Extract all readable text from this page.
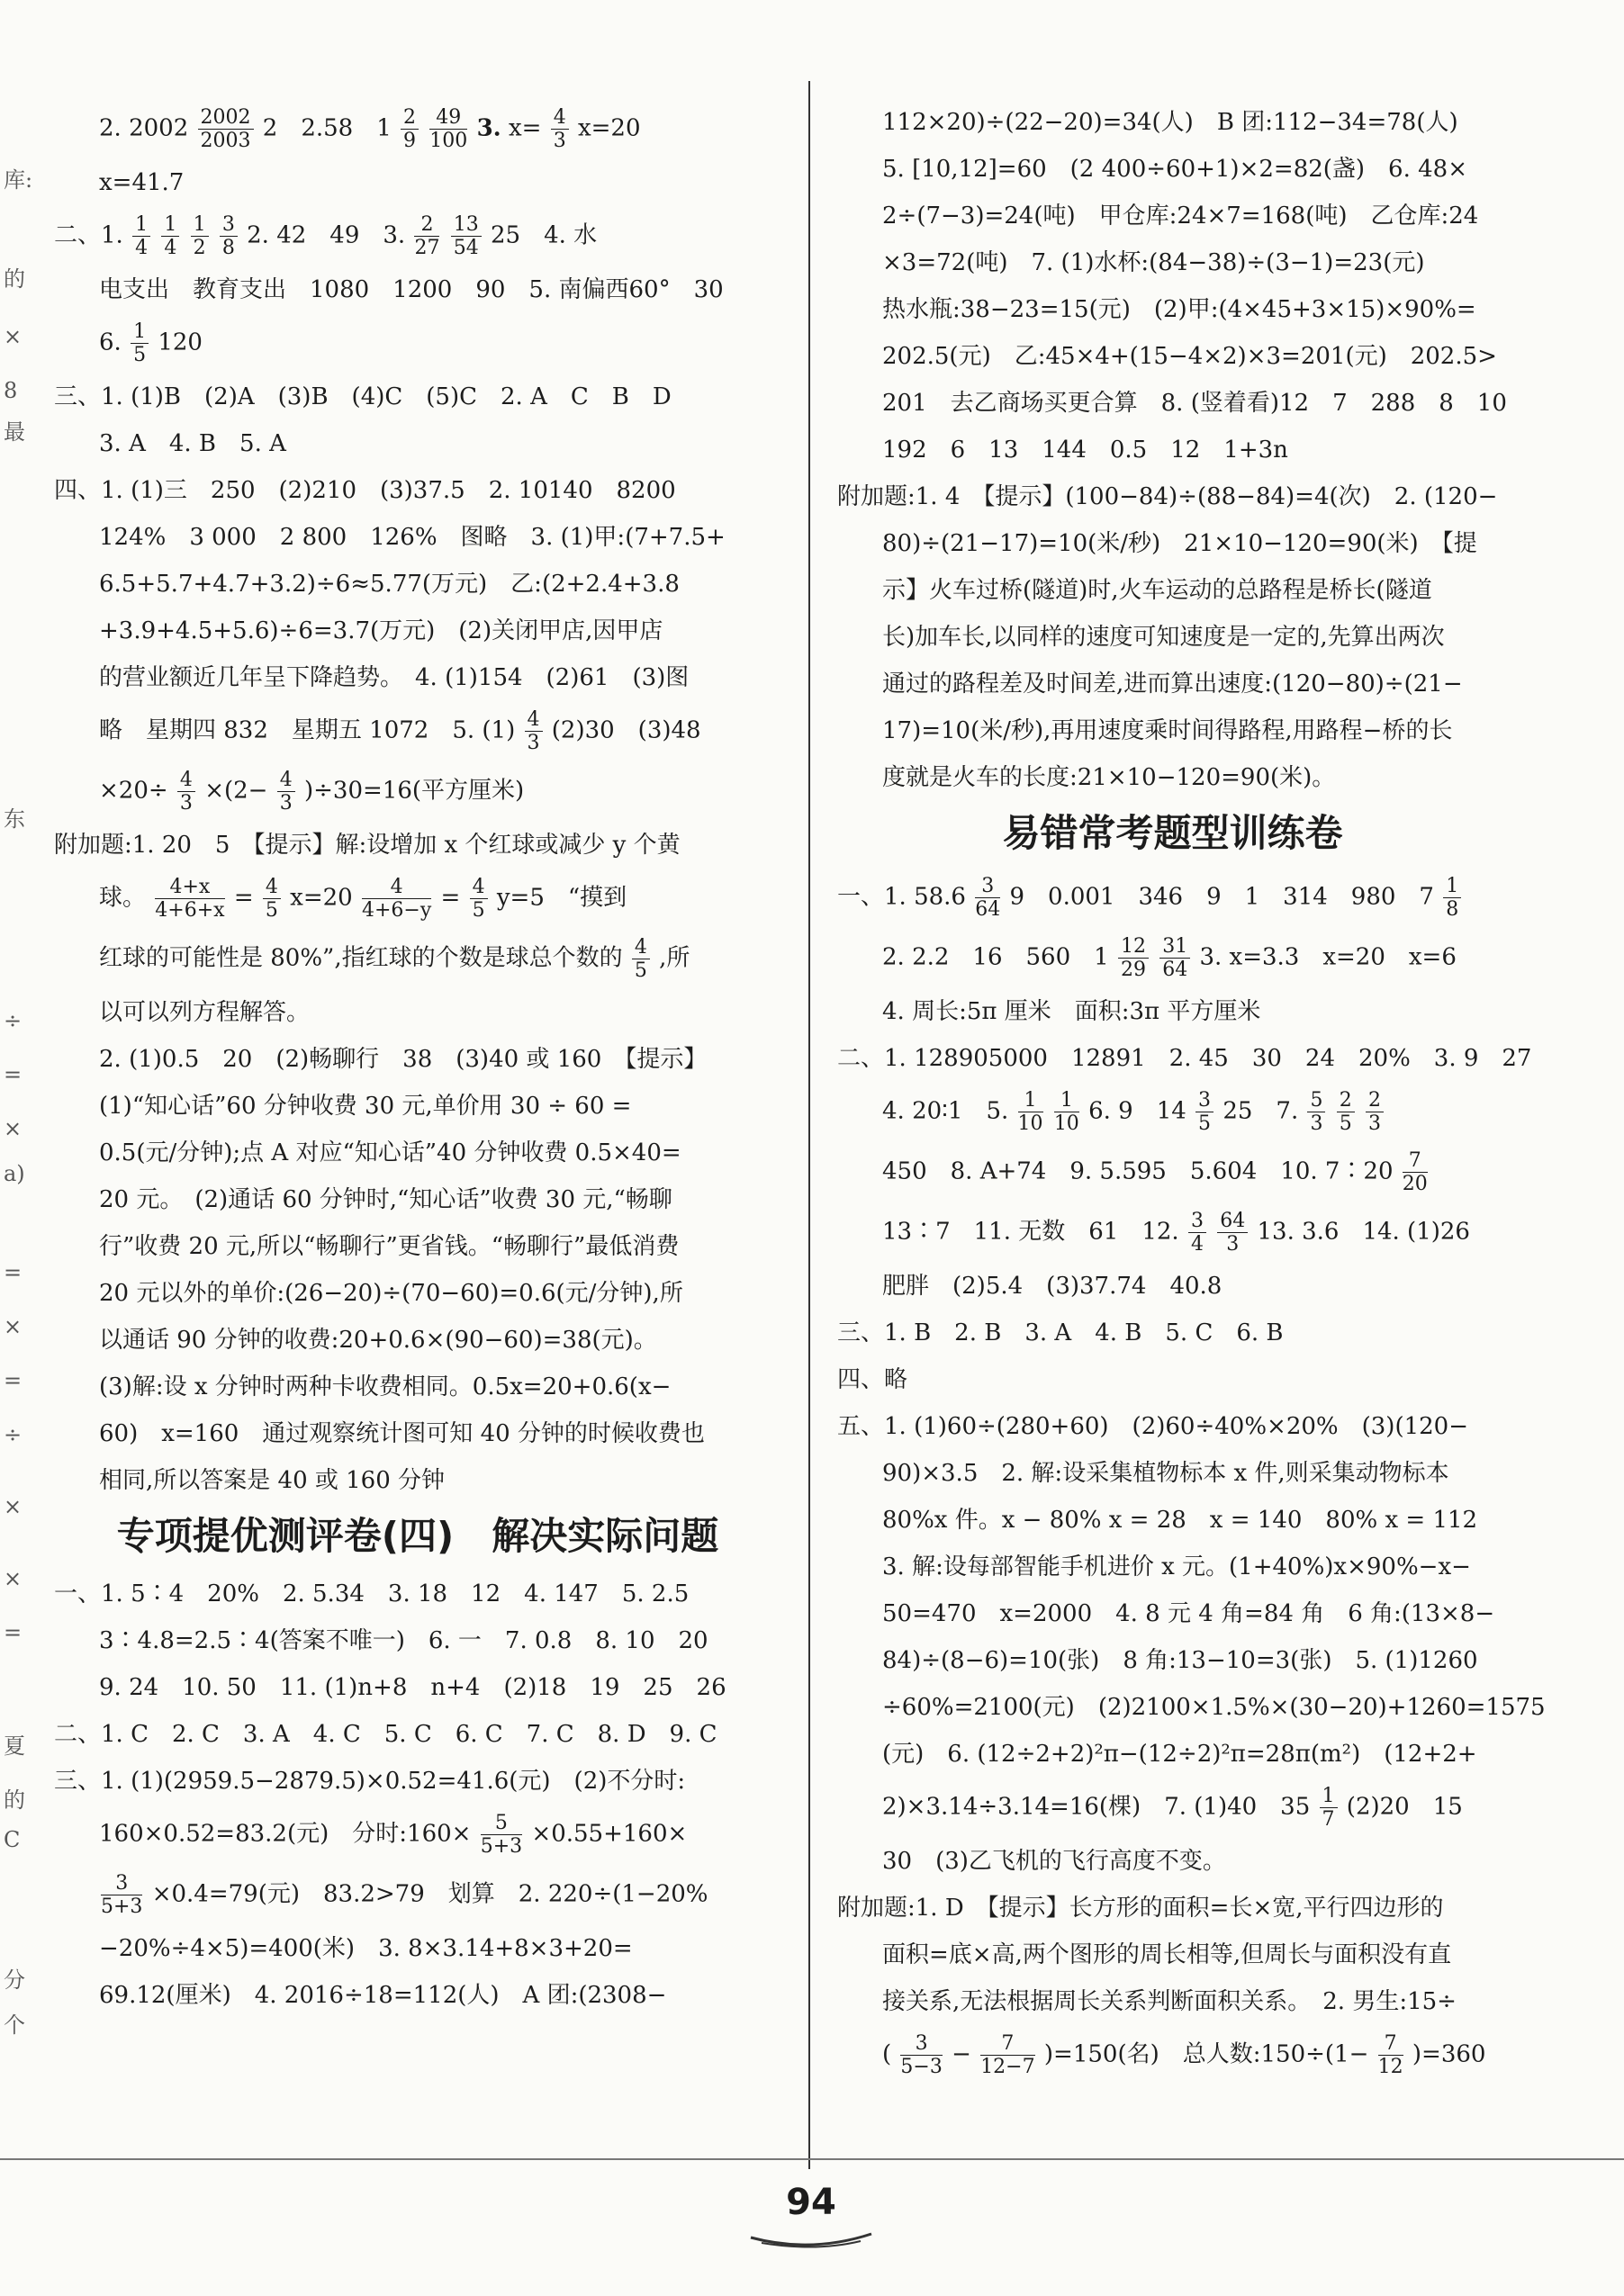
库:
的
×
8
最
东
÷
=
×
a)
=
×
=
÷
×
×
=
夏
的
C
分
个

2. $2002 \frac{2002}{2003} 2$　2.58　$1 \frac{2}{9}$
$\frac{49}{100} 3$. $x= \frac{4}{3} x=20$

x=41.7

二、1. $\frac{1}{4}$
$\frac{1}{4}$
$\frac{1}{2}$
$\frac{3}{8} 2$. 42　49　3. $\frac{2}{27}$
$\frac{13}{54} 25$　4. 水

电支出　教育支出　1080　1200　90　5. 南偏西60°　30

6. $\frac{1}{5} 120$

三、1. (1)B　(2)A　(3)B　(4)C　(5)C　2. A　C　B　D

3. A　4. B　5. A

四、1. (1)三　250　(2)210　(3)37.5　2. 10140　8200

124%　3 000　2 800　126%　图略　3. (1)甲:(7+7.5+

6.5+5.7+4.7+3.2)÷6≈5.77(万元)　乙:(2+2.4+3.8

+3.9+4.5+5.6)÷6=3.7(万元)　(2)关闭甲店,因甲店

的营业额近几年呈下降趋势。　4. (1)154　(2)61　(3)图

略　星期四 832　星期五 1072　5. $(1) \frac{4}{3} (2)30$　(3)48

$\times 20\div \frac{4}{3} \times(2- \frac{4}{3} )\div 30=16$(平方厘米)

附加题:1. 20　5　【提示】解:设增加 x 个红球或减少 y 个黄

球。 $\frac{4+x}{4+6+x} = \frac{4}{5} x=20 \frac{4}{4+6-y} = \frac{4}{5} y=5$　“摸到

红球的可能性是 80%”,指红球的个数是球总个数的 $\frac{4}{5}$ ,所

以可以列方程解答。

2. (1)0.5　20　(2)畅聊行　38　(3)40 或 160　【提示】

(1)“知心话”60 分钟收费 30 元,单价用 30 ÷ 60 =

0.5(元/分钟);点 A 对应“知心话”40 分钟收费 0.5×40=

20 元。　(2)通话 60 分钟时,“知心话”收费 30 元,“畅聊

行”收费 20 元,所以“畅聊行”更省钱。“畅聊行”最低消费

20 元以外的单价:(26−20)÷(70−60)=0.6(元/分钟),所

以通话 90 分钟的收费:20+0.6×(90−60)=38(元)。

(3)解:设 x 分钟时两种卡收费相同。0.5x=20+0.6(x−

60)　x=160　通过观察统计图可知 40 分钟的时候收费也

相同,所以答案是 40 或 160 分钟

专项提优测评卷(四)　解决实际问题

一、1. 5∶4　20%　2. 5.34　3. 18　12　4. 147　5. 2.5

3∶4.8=2.5∶4(答案不唯一)　6. 一　7. 0.8　8. 10　20

9. 24　10. 50　11. (1)n+8　n+4　(2)18　19　25　26

二、1. C　2. C　3. A　4. C　5. C　6. C　7. C　8. D　9. C

三、1. (1)(2959.5−2879.5)×0.52=41.6(元)　(2)不分时:

160×0.52=83.2(元)　分时:160× $\frac{5}{5+3} \times 0.55+160\times$

$\frac{3}{5+3} \times 0.4=79$(元)　83.2>79　划算　2. 220÷(1−20%

−20%÷4×5)=400(米)　3. 8×3.14+8×3+20=

69.12(厘米)　4. 2016÷18=112(人)　A 团:(2308−

112×20)÷(22−20)=34(人)　B 团:112−34=78(人)

5. [10,12]=60　(2 400÷60+1)×2=82(盏)　6. 48×

2÷(7−3)=24(吨)　甲仓库:24×7=168(吨)　乙仓库:24

×3=72(吨)　7. (1)水杯:(84−38)÷(3−1)=23(元)

热水瓶:38−23=15(元)　(2)甲:(4×45+3×15)×90%=

202.5(元)　乙:45×4+(15−4×2)×3=201(元)　202.5>

201　去乙商场买更合算　8. (竖着看)12　7　288　8　10

192　6　13　144　0.5　12　1+3n

附加题:1. 4　【提示】(100−84)÷(88−84)=4(次)　2. (120−

80)÷(21−17)=10(米/秒)　21×10−120=90(米)　【提

示】火车过桥(隧道)时,火车运动的总路程是桥长(隧道

长)加车长,以同样的速度可知速度是一定的,先算出两次

通过的路程差及时间差,进而算出速度:(120−80)÷(21−

17)=10(米/秒),再用速度乘时间得路程,用路程−桥的长

度就是火车的长度:21×10−120=90(米)。

易错常考题型训练卷

一、1. $58.6 \frac{3}{64} 9$　0.001　346　9　1　314　980　$7 \frac{1}{8}$

2. 2.2　16　560　$1 \frac{12}{29}$
$\frac{31}{64} 3$. x=3.3　x=20　x=6

4. 周长:5π 厘米　面积:3π 平方厘米

二、1. 128905000　12891　2. 45　30　24　20%　3. 9　27

4. 20∶1　5. $\frac{1}{10}$
$\frac{1}{10} 6$. 9　$14 \frac{3}{5} 25$　7. $\frac{5}{3}$
$\frac{2}{5}$
$\frac{2}{3}$

450　8. A+74　9. 5.595　5.604　10. 7∶20 $\frac{7}{20}$

13∶7　11. 无数　61　12. $\frac{3}{4}$
$\frac{64}{3} 13$. 3.6　14. (1)26

肥胖　(2)5.4　(3)37.74　40.8

三、1. B　2. B　3. A　4. B　5. C　6. B

四、略

五、1. (1)60÷(280+60)　(2)60÷40%×20%　(3)(120−

90)×3.5　2. 解:设采集植物标本 x 件,则采集动物标本

80%x 件。x − 80% x = 28　x = 140　80% x = 112

3. 解:设每部智能手机进价 x 元。(1+40%)x×90%−x−

50=470　x=2000　4. 8 元 4 角=84 角　6 角:(13×8−

84)÷(8−6)=10(张)　8 角:13−10=3(张)　5. (1)1260

÷60%=2100(元)　(2)2100×1.5%×(30−20)+1260=1575

(元)　6. (12÷2+2)²π−(12÷2)²π=28π(m²)　(12+2+

2)×3.14÷3.14=16(棵)　7. (1)40　$35 \frac{1}{7} (2)20$　15

30　(3)乙飞机的飞行高度不变。

附加题:1. D　【提示】长方形的面积=长×宽,平行四边形的

面积=底×高,两个图形的周长相等,但周长与面积没有直

接关系,无法根据周长关系判断面积关系。　2. 男生:15÷

( $\frac{3}{5-3} - \frac{7}{12-7} )=150$(名)　总人数:150÷(1− $\frac{7}{12} )=360$

94
